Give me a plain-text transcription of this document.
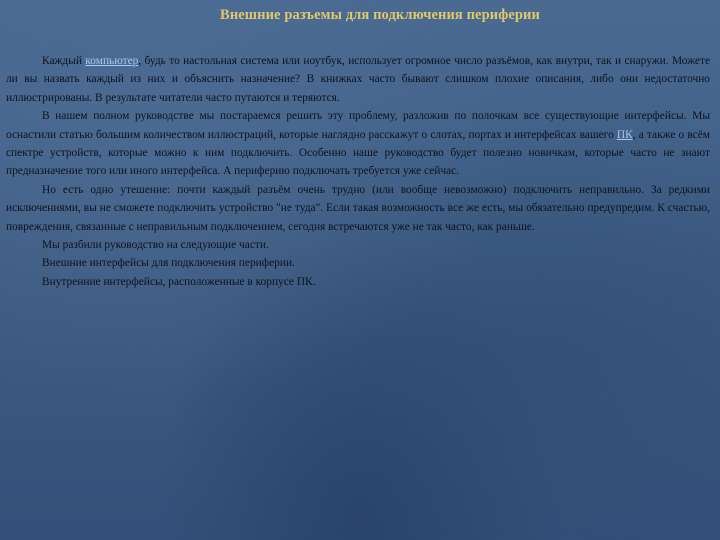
Внешние разъемы для подключения периферии

Каждый компьютер, будь то настольная система или ноутбук, использует огромное число разъёмов, как внутри, так и снаружи. Можете ли вы назвать каждый из них и объяснить назначение? В книжках часто бывают слишком плохие описания, либо они недостаточно иллюстрированы. В результате читатели часто путаются и теряются.

В нашем полном руководстве мы постараемся решить эту проблему, разложив по полочкам все существующие интерфейсы. Мы оснастили статью большим количеством иллюстраций, которые наглядно расскажут о слотах, портах и интерфейсах вашего ПК, а также о всём спектре устройств, которые можно к ним подключить. Особенно наше руководство будет полезно новичкам, которые часто не знают предназначение того или иного интерфейса. А периферию подключать требуется уже сейчас.

Но есть одно утешение: почти каждый разъём очень трудно (или вообще невозможно) подключить неправильно. За редкими исключениями, вы не сможете подключить устройство "не туда". Если такая возможность все же есть, мы обязательно предупредим. К счастью, повреждения, связанные с неправильным подключением, сегодня встречаются уже не так часто, как раньше.

Мы разбили руководство на следующие части.

Внешние интерфейсы для подключения периферии.

Внутренние интерфейсы, расположенные в корпусе ПК.
